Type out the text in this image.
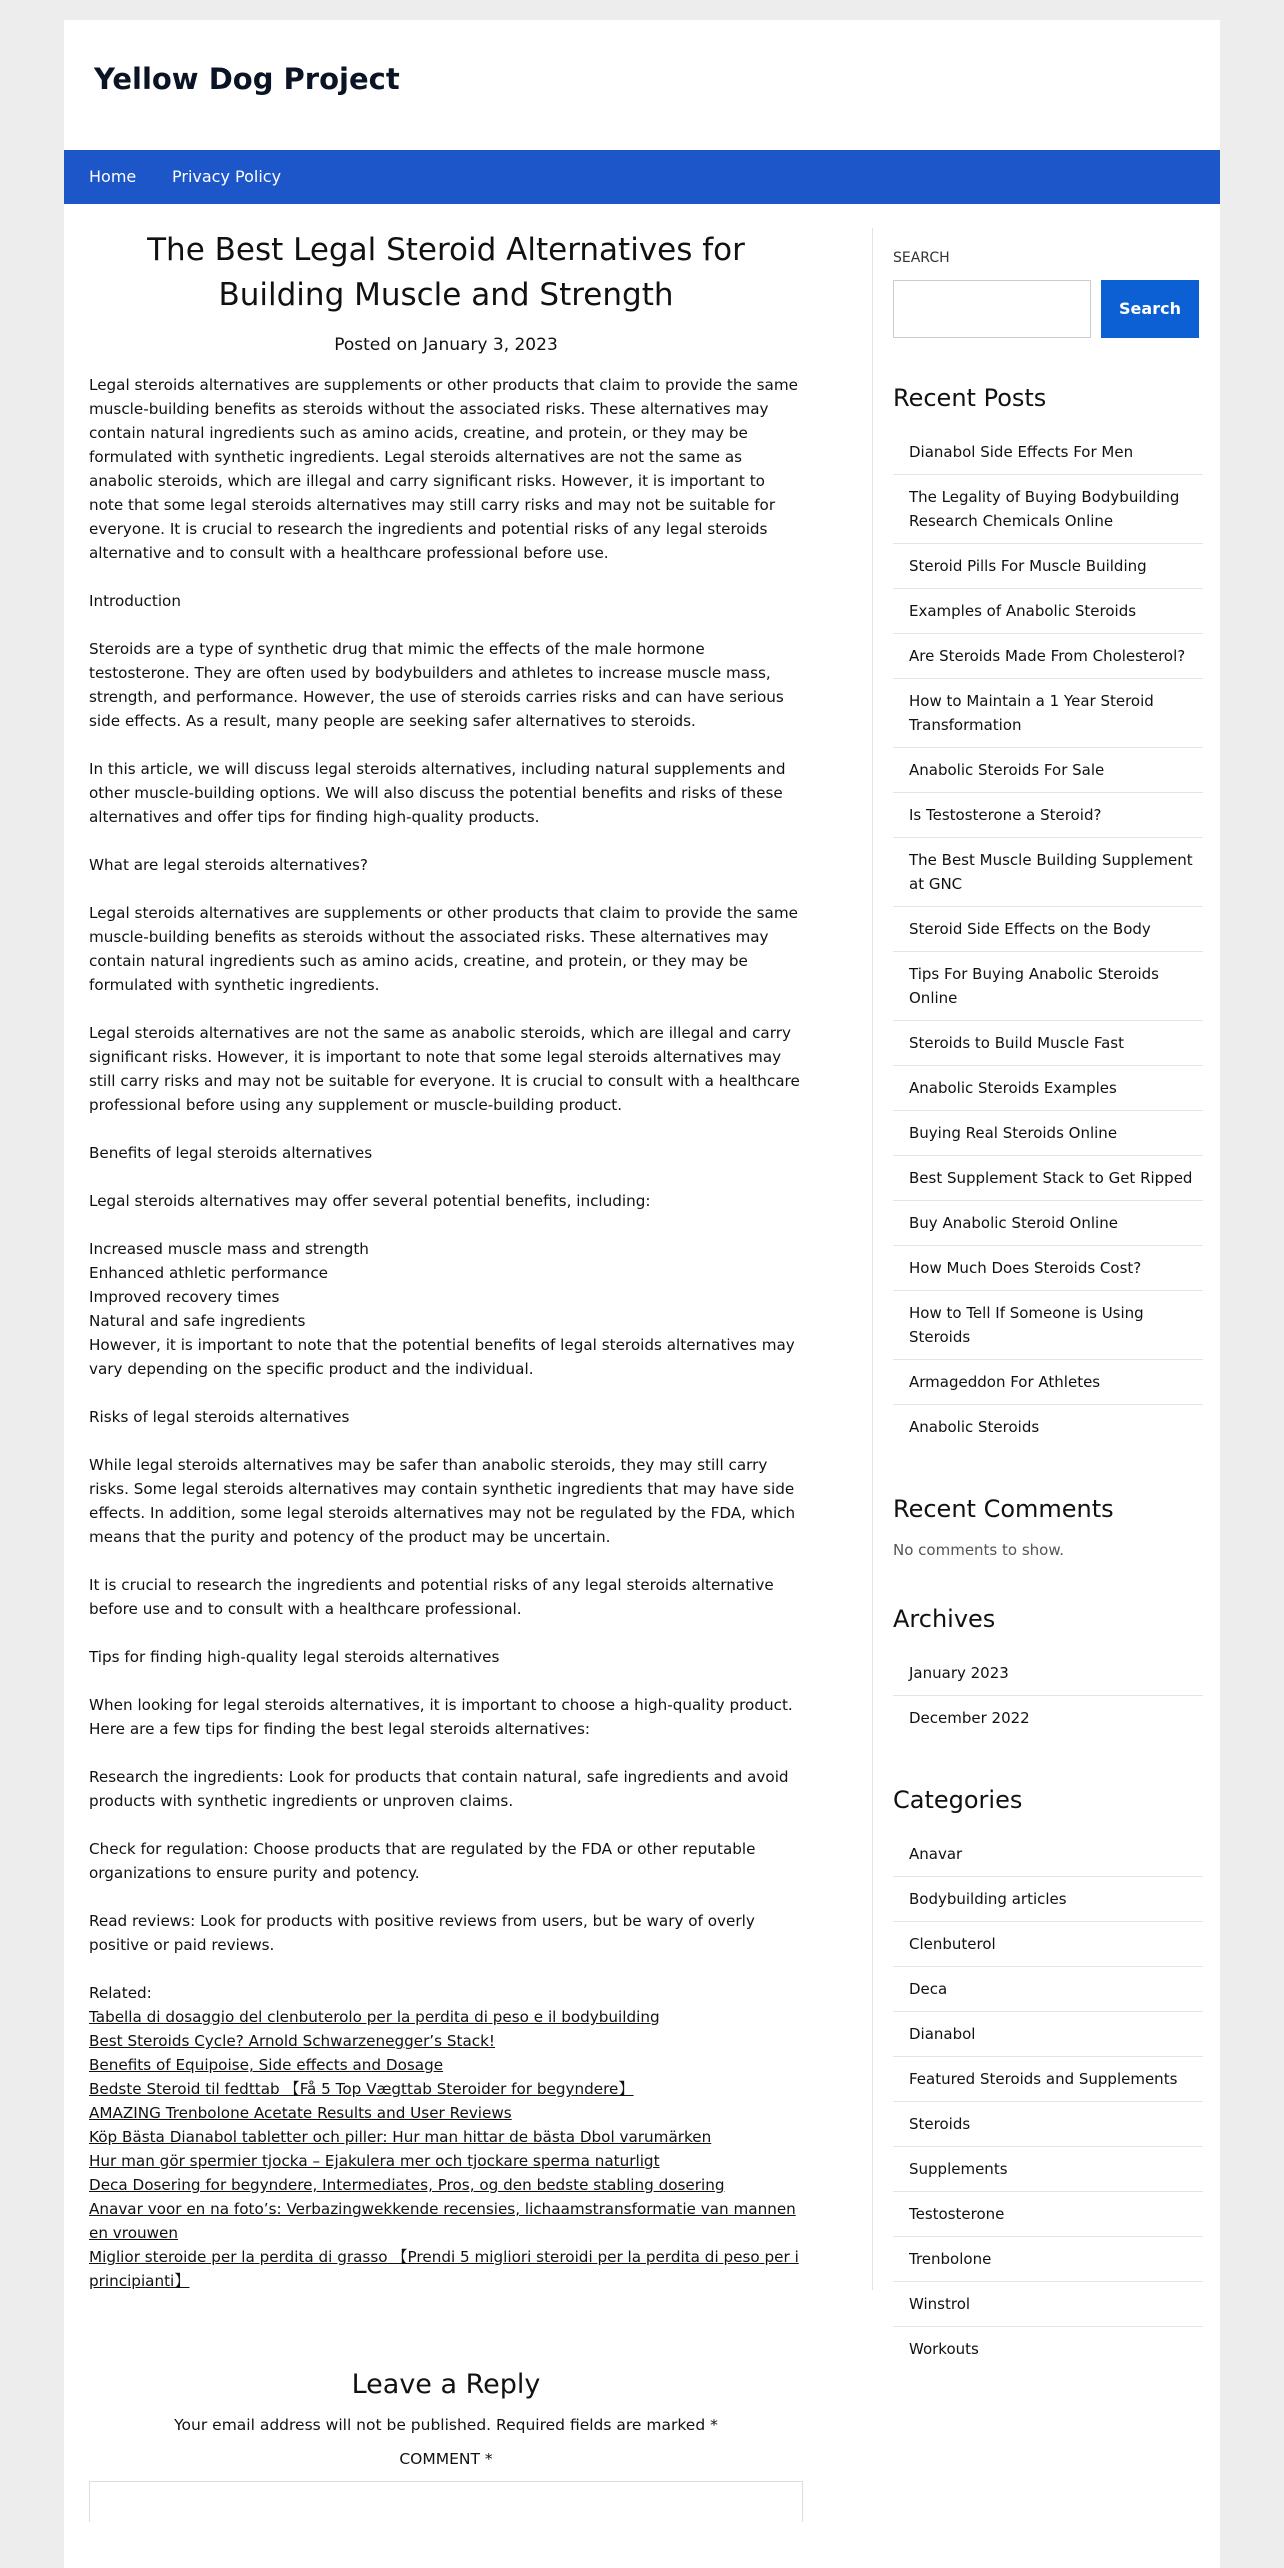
Yellow Dog Project
Home Privacy Policy
The Best Legal Steroid Alternatives for Building Muscle and Strength
Posted on January 3, 2023

Legal steroids alternatives are supplements or other products that claim to provide the same muscle-building benefits as steroids without the associated risks. These alternatives may contain natural ingredients such as amino acids, creatine, and protein, or they may be formulated with synthetic ingredients. Legal steroids alternatives are not the same as anabolic steroids, which are illegal and carry significant risks. However, it is important to note that some legal steroids alternatives may still carry risks and may not be suitable for everyone. It is crucial to research the ingredients and potential risks of any legal steroids alternative and to consult with a healthcare professional before use.

Introduction

Steroids are a type of synthetic drug that mimic the effects of the male hormone testosterone. They are often used by bodybuilders and athletes to increase muscle mass, strength, and performance. However, the use of steroids carries risks and can have serious side effects. As a result, many people are seeking safer alternatives to steroids.

In this article, we will discuss legal steroids alternatives, including natural supplements and other muscle-building options. We will also discuss the potential benefits and risks of these alternatives and offer tips for finding high-quality products.

What are legal steroids alternatives?

Legal steroids alternatives are supplements or other products that claim to provide the same muscle-building benefits as steroids without the associated risks. These alternatives may contain natural ingredients such as amino acids, creatine, and protein, or they may be formulated with synthetic ingredients.

Legal steroids alternatives are not the same as anabolic steroids, which are illegal and carry significant risks. However, it is important to note that some legal steroids alternatives may still carry risks and may not be suitable for everyone. It is crucial to consult with a healthcare professional before using any supplement or muscle-building product.

Benefits of legal steroids alternatives

Legal steroids alternatives may offer several potential benefits, including:

Increased muscle mass and strength

Enhanced athletic performance

Improved recovery times

Natural and safe ingredients

However, it is important to note that the potential benefits of legal steroids alternatives may vary depending on the specific product and the individual.

Risks of legal steroids alternatives

While legal steroids alternatives may be safer than anabolic steroids, they may still carry risks. Some legal steroids alternatives may contain synthetic ingredients that may have side effects. In addition, some legal steroids alternatives may not be regulated by the FDA, which means that the purity and potency of the product may be uncertain.

It is crucial to research the ingredients and potential risks of any legal steroids alternative before use and to consult with a healthcare professional.

Tips for finding high-quality legal steroids alternatives

When looking for legal steroids alternatives, it is important to choose a high-quality product. Here are a few tips for finding the best legal steroids alternatives:

Research the ingredients: Look for products that contain natural, safe ingredients and avoid products with synthetic ingredients or unproven claims.

Check for regulation: Choose products that are regulated by the FDA or other reputable organizations to ensure purity and potency.

Read reviews: Look for products with positive reviews from users, but be wary of overly positive or paid reviews.

Related:
Tabella di dosaggio del clenbuterolo per la perdita di peso e il bodybuilding
Best Steroids Cycle? Arnold Schwarzenegger’s Stack!
Benefits of Equipoise, Side effects and Dosage
Bedste Steroid til fedttab 【Få 5 Top Vægttab Steroider for begyndere】
AMAZING Trenbolone Acetate Results and User Reviews
Köp Bästa Dianabol tabletter och piller: Hur man hittar de bästa Dbol varumärken
Hur man gör spermier tjocka – Ejakulera mer och tjockare sperma naturligt
Deca Dosering for begyndere, Intermediates, Pros, og den bedste stabling dosering
Anavar voor en na foto’s: Verbazingwekkende recensies, lichaamstransformatie van mannen en vrouwen
Miglior steroide per la perdita di grasso 【Prendi 5 migliori steroidi per la perdita di peso per i principianti】
Leave a Reply

Your email address will not be published. Required fields are marked *

COMMENT *
SEARCH
Search
Recent Posts
Dianabol Side Effects For Men
The Legality of Buying Bodybuilding Research Chemicals Online
Steroid Pills For Muscle Building
Examples of Anabolic Steroids
Are Steroids Made From Cholesterol?
How to Maintain a 1 Year Steroid Transformation
Anabolic Steroids For Sale
Is Testosterone a Steroid?
The Best Muscle Building Supplement at GNC
Steroid Side Effects on the Body
Tips For Buying Anabolic Steroids Online
Steroids to Build Muscle Fast
Anabolic Steroids Examples
Buying Real Steroids Online
Best Supplement Stack to Get Ripped
Buy Anabolic Steroid Online
How Much Does Steroids Cost?
How to Tell If Someone is Using Steroids
Armageddon For Athletes
Anabolic Steroids
Recent Comments

No comments to show.

Archives
January 2023
December 2022
Categories
Anavar
Bodybuilding articles
Clenbuterol
Deca
Dianabol
Featured Steroids and Supplements
Steroids
Supplements
Testosterone
Trenbolone
Winstrol
Workouts
